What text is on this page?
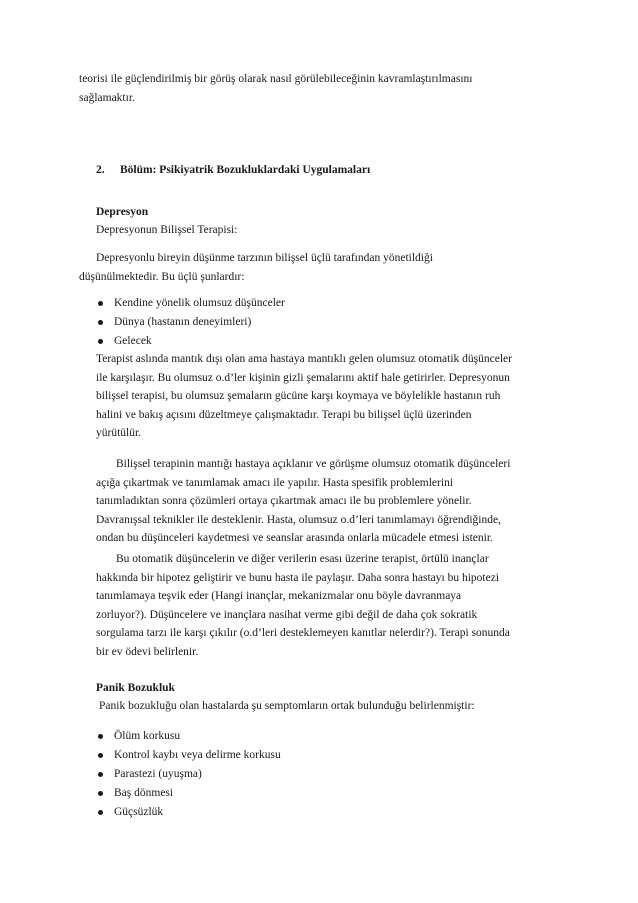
teorisi ile güçlendirilmiş bir görüş olarak nasıl görülebileceğinin kavramlaştırılmasını
sağlamaktır.
2. Bölüm: Psikiyatrik Bozukluklardaki Uygulamaları
Depresyon
Depresyonun Bilişsel Terapisi:
Depresyonlu bireyin düşünme tarzının bilişsel üçlü tarafından yönetildiği
düşünülmektedir. Bu üçlü şunlardır:
Kendine yönelik olumsuz düşünceler
Dünya (hastanın deneyimleri)
Gelecek
Terapist aslında mantık dışı olan ama hastaya mantıklı gelen olumsuz otomatik düşünceler
ile karşılaşır. Bu olumsuz o.d’ler kişinin gizli şemalarını aktif hale getirirler. Depresyonun
bilişsel terapisi, bu olumsuz şemaların gücüne karşı koymaya ve böylelikle hastanın ruh
halini ve bakış açısını düzeltmeye çalışmaktadır. Terapi bu bilişsel üçlü üzerinden
yürütülür.
Bilişsel terapinin mantığı hastaya açıklanır ve görüşme olumsuz otomatik düşünceleri
açığa çıkartmak ve tanımlamak amacı ile yapılır. Hasta spesifik problemlerini
tanımladıktan sonra çözümleri ortaya çıkartmak amacı ile bu problemlere yönelir.
Davranışsal teknikler ile desteklenir. Hasta, olumsuz o.d’leri tanımlamayı öğrendiğinde,
ondan bu düşünceleri kaydetmesi ve seanslar arasında onlarla mücadele etmesi istenir.
Bu otomatik düşüncelerin ve diğer verilerin esası üzerine terapist, örtülü inançlar
hakkında bir hipotez geliştirir ve bunu hasta ile paylaşır. Daha sonra hastayı bu hipotezi
tanımlamaya teşvik eder (Hangi inançlar, mekanizmalar onu böyle davranmaya
zorluyor?). Düşüncelere ve inançlara nasihat verme gibi değil de daha çok sokratik
sorgulama tarzı ile karşı çıkılır (o.d’leri desteklemeyen kanıtlar nelerdir?). Terapi sonunda
bir ev ödevi belirlenir.
Panik Bozukluk
Panik bozukluğu olan hastalarda şu semptomların ortak bulunduğu belirlenmiştir:
Ölüm korkusu
Kontrol kaybı veya delirme korkusu
Parastezi (uyuşma)
Baş dönmesi
Güçsüzlük
